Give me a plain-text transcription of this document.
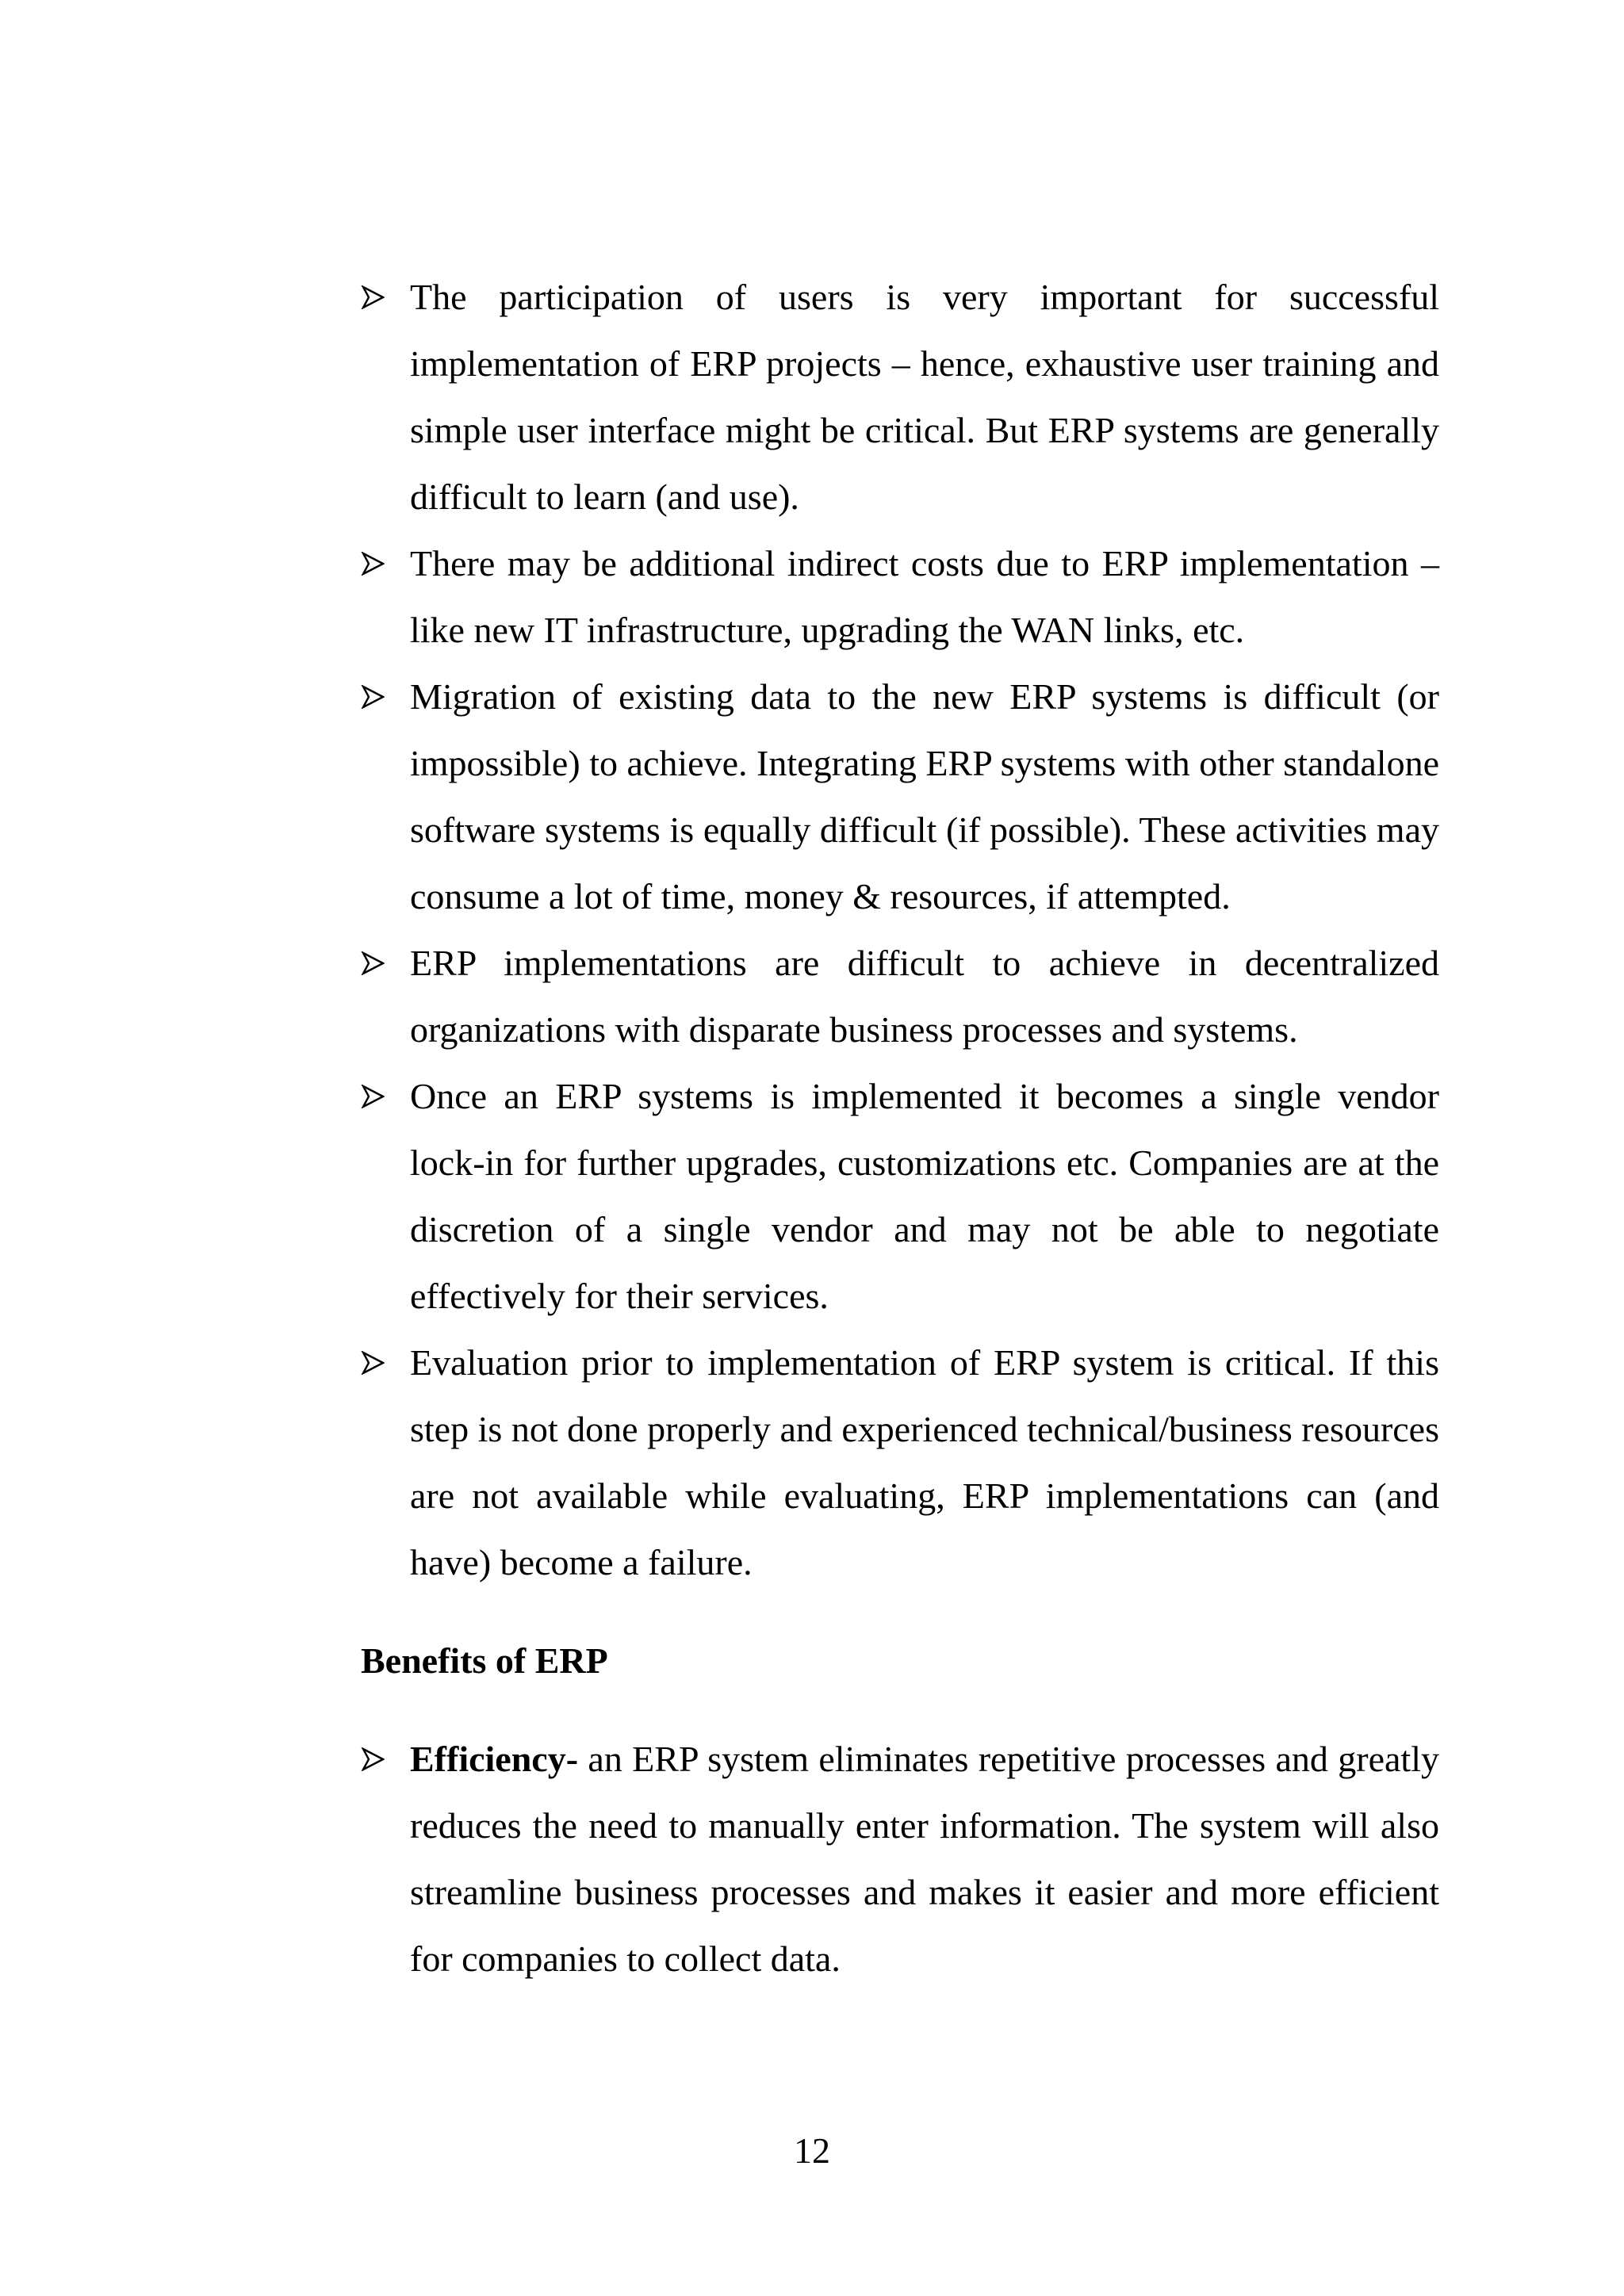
The participation of users is very important for successful implementation of ERP projects – hence, exhaustive user training and simple user interface might be critical. But ERP systems are generally difficult to learn (and use).
There may be additional indirect costs due to ERP implementation – like new IT infrastructure, upgrading the WAN links, etc.
Migration of existing data to the new ERP systems is difficult (or impossible) to achieve. Integrating ERP systems with other standalone software systems is equally difficult (if possible). These activities may consume a lot of time, money & resources, if attempted.
ERP implementations are difficult to achieve in decentralized organizations with disparate business processes and systems.
Once an ERP systems is implemented it becomes a single vendor lock-in for further upgrades, customizations etc. Companies are at the discretion of a single vendor and may not be able to negotiate effectively for their services.
Evaluation prior to implementation of ERP system is critical. If this step is not done properly and experienced technical/business resources are not available while evaluating, ERP implementations can (and have) become a failure.
Benefits of ERP
Efficiency- an ERP system eliminates repetitive processes and greatly reduces the need to manually enter information. The system will also streamline business processes and makes it easier and more efficient for companies to collect data.
12
